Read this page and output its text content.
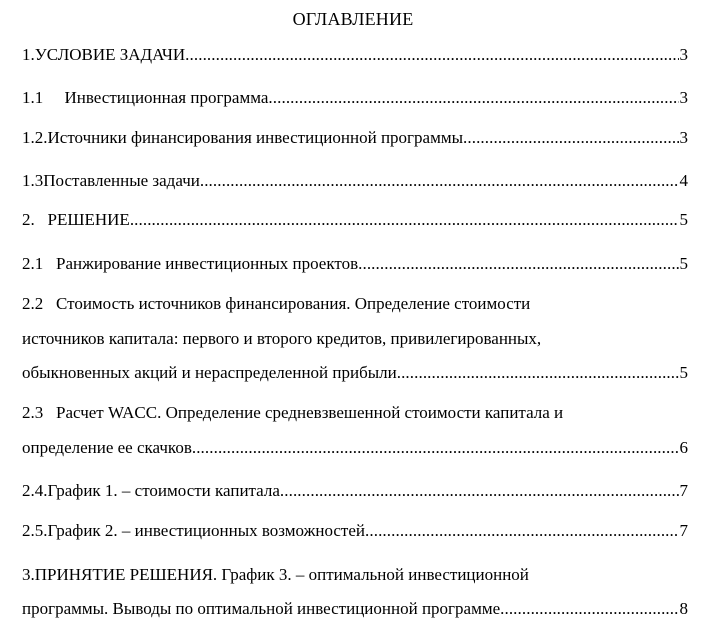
ОГЛАВЛЕНИЕ
1.УСЛОВИЕ ЗАДАЧИ .....	3
1.1     Инвестиционная программа .....	3
1.2.Источники финансирования инвестиционной программы .....	3
1.3Поставленные задачи .....	4
2.   РЕШЕНИЕ .....	5
2.1   Ранжирование инвестиционных проектов .....	5
2.2   Стоимость источников финансирования. Определение стоимости
источников капитала: первого и второго кредитов, привилегированных,
обыкновенных акций и нераспределенной прибыли .....	5
2.3   Расчет WACC. Определение средневзвешенной стоимости капитала и
определение ее скачков .....	6
2.4.График 1. – стоимости капитала .....	7
2.5.График 2. – инвестиционных возможностей .....	7
3.ПРИНЯТИЕ РЕШЕНИЯ. График 3. – оптимальной инвестиционной
программы. Выводы по оптимальной инвестиционной программе .....	8
